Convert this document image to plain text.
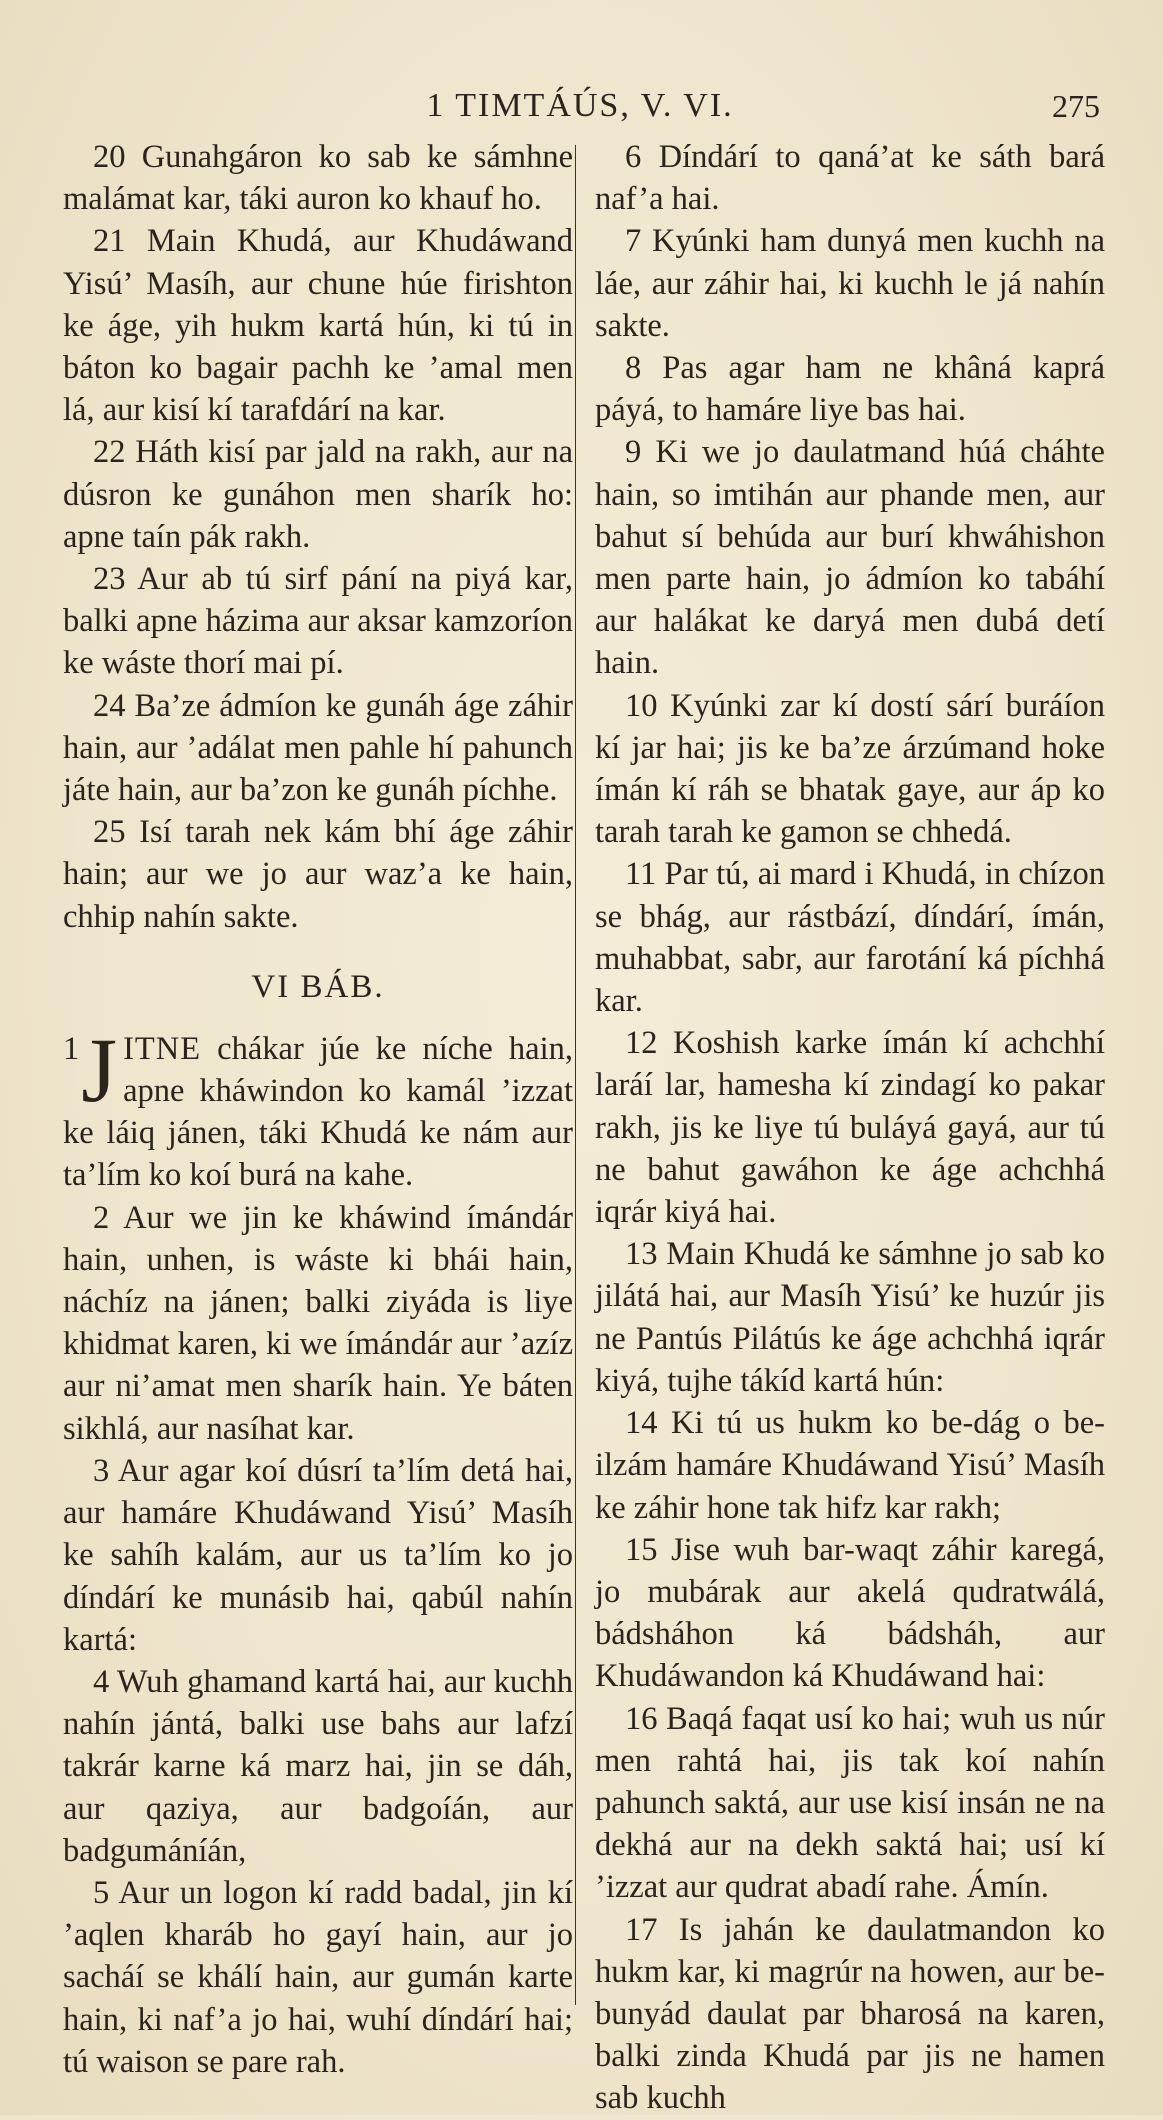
1 TIMTÁÚS, V. VI.	275

20 Gunahgáron ko sab ke sámhne malámat kar, táki auron ko khauf ho.

21 Main Khudá, aur Khudáwand Yisú’ Masíh, aur chune húe firishton ke áge, yih hukm kartá hún, ki tú in báton ko bagair pachh ke ’amal men lá, aur kisí kí tarafdárí na kar.

22 Háth kisí par jald na rakh, aur na dúsron ke gunáhon men sharík ho: apne taín pák rakh.

23 Aur ab tú sirf pání na piyá kar, balki apne házima aur aksar kamzoríon ke wáste thorí mai pí.

24 Ba’ze ádmíon ke gunáh áge záhir hain, aur ’adálat men pahle hí pahunch játe hain, aur ba’zon ke gunáh píchhe.

25 Isí tarah nek kám bhí áge záhir hain; aur we jo aur waz’a ke hain, chhip nahín sakte.

VI BÁB.

1 J ITNE chákar júe ke níche hain, apne kháwindon ko kamál ’izzat ke láiq jánen, táki Khudá ke nám aur ta’lím ko koí burá na kahe.

2 Aur we jin ke kháwind ímándár hain, unhen, is wáste ki bhái hain, náchíz na jánen; balki ziyáda is liye khidmat karen, ki we ímándár aur ’azíz aur ni’amat men sharík hain. Ye báten sikhlá, aur nasíhat kar.

3 Aur agar koí dúsrí ta’lím detá hai, aur hamáre Khudáwand Yisú’ Masíh ke sahíh kalám, aur us ta’lím ko jo díndárí ke munásib hai, qabúl nahín kartá:

4 Wuh ghamand kartá hai, aur kuchh nahín jántá, balki use bahs aur lafzí takrár karne ká marz hai, jin se dáh, aur qaziya, aur badgoíán, aur badgumáníán,

5 Aur un logon kí radd badal, jin kí ’aqlen kharáb ho gayí hain, aur jo sacháí se khálí hain, aur gumán karte hain, ki naf’a jo hai, wuhí díndárí hai; tú waison se pare rah.

6 Díndárí to qaná’at ke sáth bará naf’a hai.

7 Kyúnki ham dunyá men kuchh na láe, aur záhir hai, ki kuchh le já nahín sakte.

8 Pas agar ham ne khâná kaprá páyá, to hamáre liye bas hai.

9 Ki we jo daulatmand húá cháhte hain, so imtihán aur phande men, aur bahut sí behúda aur burí khwáhishon men parte hain, jo ádmíon ko tabáhí aur halákat ke daryá men dubá detí hain.

10 Kyúnki zar kí dostí sárí buráíon kí jar hai; jis ke ba’ze árzúmand hoke ímán kí ráh se bhatak gaye, aur áp ko tarah tarah ke gamon se chhedá.

11 Par tú, ai mard i Khudá, in chízon se bhág, aur rástbází, díndárí, ímán, muhabbat, sabr, aur farotání ká píchhá kar.

12 Koshish karke ímán kí achchhí laráí lar, hamesha kí zindagí ko pakar rakh, jis ke liye tú buláyá gayá, aur tú ne bahut gawáhon ke áge achchhá iqrár kiyá hai.

13 Main Khudá ke sámhne jo sab ko jilátá hai, aur Masíh Yisú’ ke huzúr jis ne Pantús Pilátús ke áge achchhá iqrár kiyá, tujhe tákíd kartá hún:

14 Ki tú us hukm ko be-dág o be-ilzám hamáre Khudáwand Yisú’ Masíh ke záhir hone tak hifz kar rakh;

15 Jise wuh bar-waqt záhir karegá, jo mubárak aur akelá qudratwálá, bádsháhon ká bádsháh, aur Khudáwandon ká Khudáwand hai:

16 Baqá faqat usí ko hai; wuh us núr men rahtá hai, jis tak koí nahín pahunch saktá, aur use kisí insán ne na dekhá aur na dekh saktá hai; usí kí ’izzat aur qudrat abadí rahe. Ámín.

17 Is jahán ke daulatmandon ko hukm kar, ki magrúr na howen, aur be-bunyád daulat par bharosá na karen, balki zinda Khudá par jis ne hamen sab kuchh
